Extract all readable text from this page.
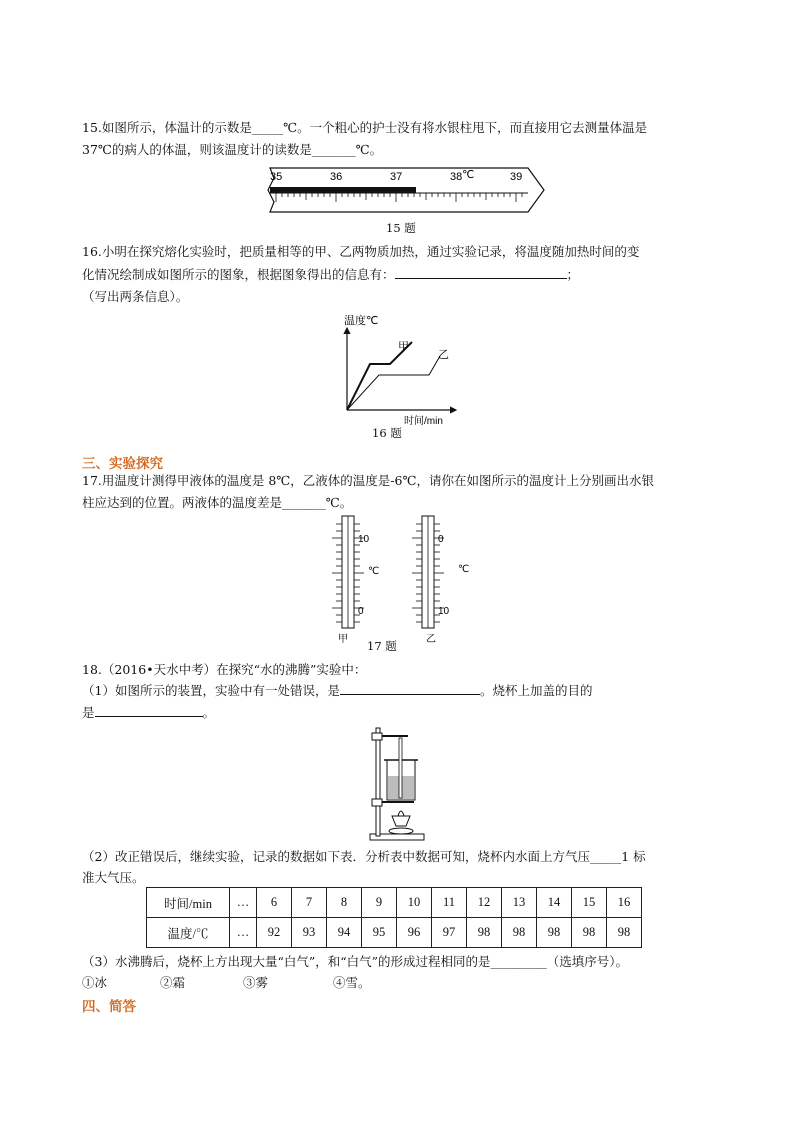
15.如图所示，体温计的示数是_____℃。一个粗心的护士没有将水银柱甩下，而直接用它去测量体温是
37℃的病人的体温，则该温度计的读数是_______℃。
35	36	37	38 ℃	39
15 题
16.小明在探究熔化实验时，把质量相等的甲、乙两物质加热，通过实验记录，将温度随加热时间的变
化情况绘制成如图所示的图象，根据图象得出的信息有：	；
（写出两条信息）。
温度℃
甲
乙
时间/min
16 题
三、实验探究
17.用温度计测得甲液体的温度是 8℃，乙液体的温度是-6℃，请你在如图所示的温度计上分别画出水银
柱应达到的位置。两液体的温度差是_______℃。
10
0
℃
甲
0
10
℃
乙
17 题
18.（2016•天水中考）在探究“水的沸腾”实验中：
（1）如图所示的装置，实验中有一处错误，是	。烧杯上加盖的目的
是	。
（2）改正错误后，继续实验，记录的数据如下表．分析表中数据可知，烧杯内水面上方气压_____1 标
准大气压。
时间/min	…	6	7	8	9	10	11	12	13	14	15	16
温度/℃	…	92	93	94	95	96	97	98	98	98	98	98
（3）水沸腾后，烧杯上方出现大量“白气”，和“白气”的形成过程相同的是_________（选填序号）。
①冰	②霜	③雾	④雪。
四、简答
